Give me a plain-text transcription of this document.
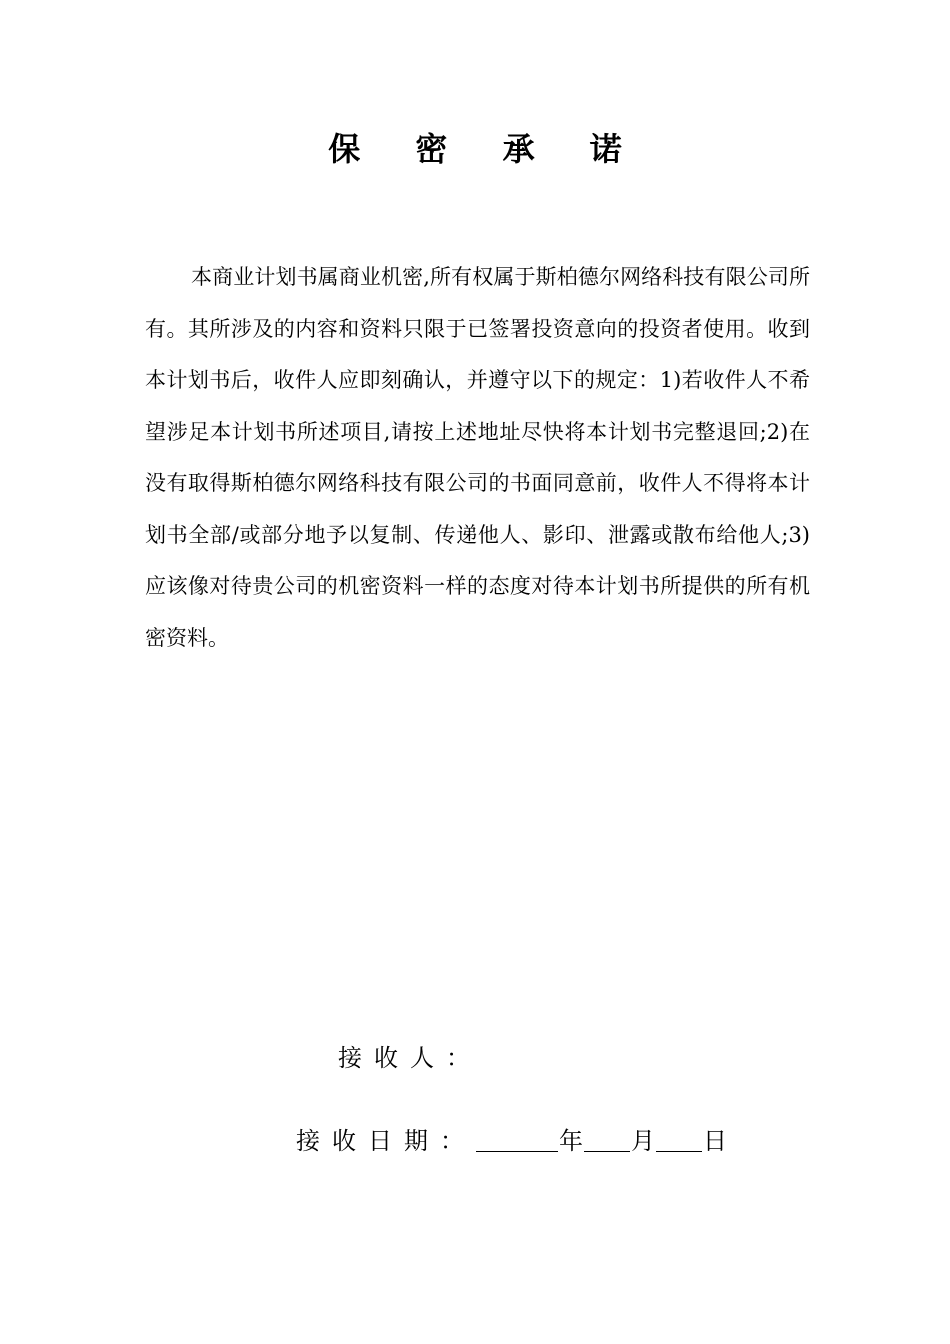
保 密 承 诺

本商业计划书属商业机密,所有权属于斯柏德尔网络科技有限公司所有。其所涉及的内容和资料只限于已签署投资意向的投资者使用。收到本计划书后，收件人应即刻确认，并遵守以下的规定：1)若收件人不希望涉足本计划书所述项目,请按上述地址尽快将本计划书完整退回;2)在没有取得斯柏德尔网络科技有限公司的书面同意前，收件人不得将本计划书全部/或部分地予以复制、传递他人、影印、泄露或散布给他人;3)应该像对待贵公司的机密资料一样的态度对待本计划书所提供的所有机密资料。

接收人：
接收日期：	年 月 日
